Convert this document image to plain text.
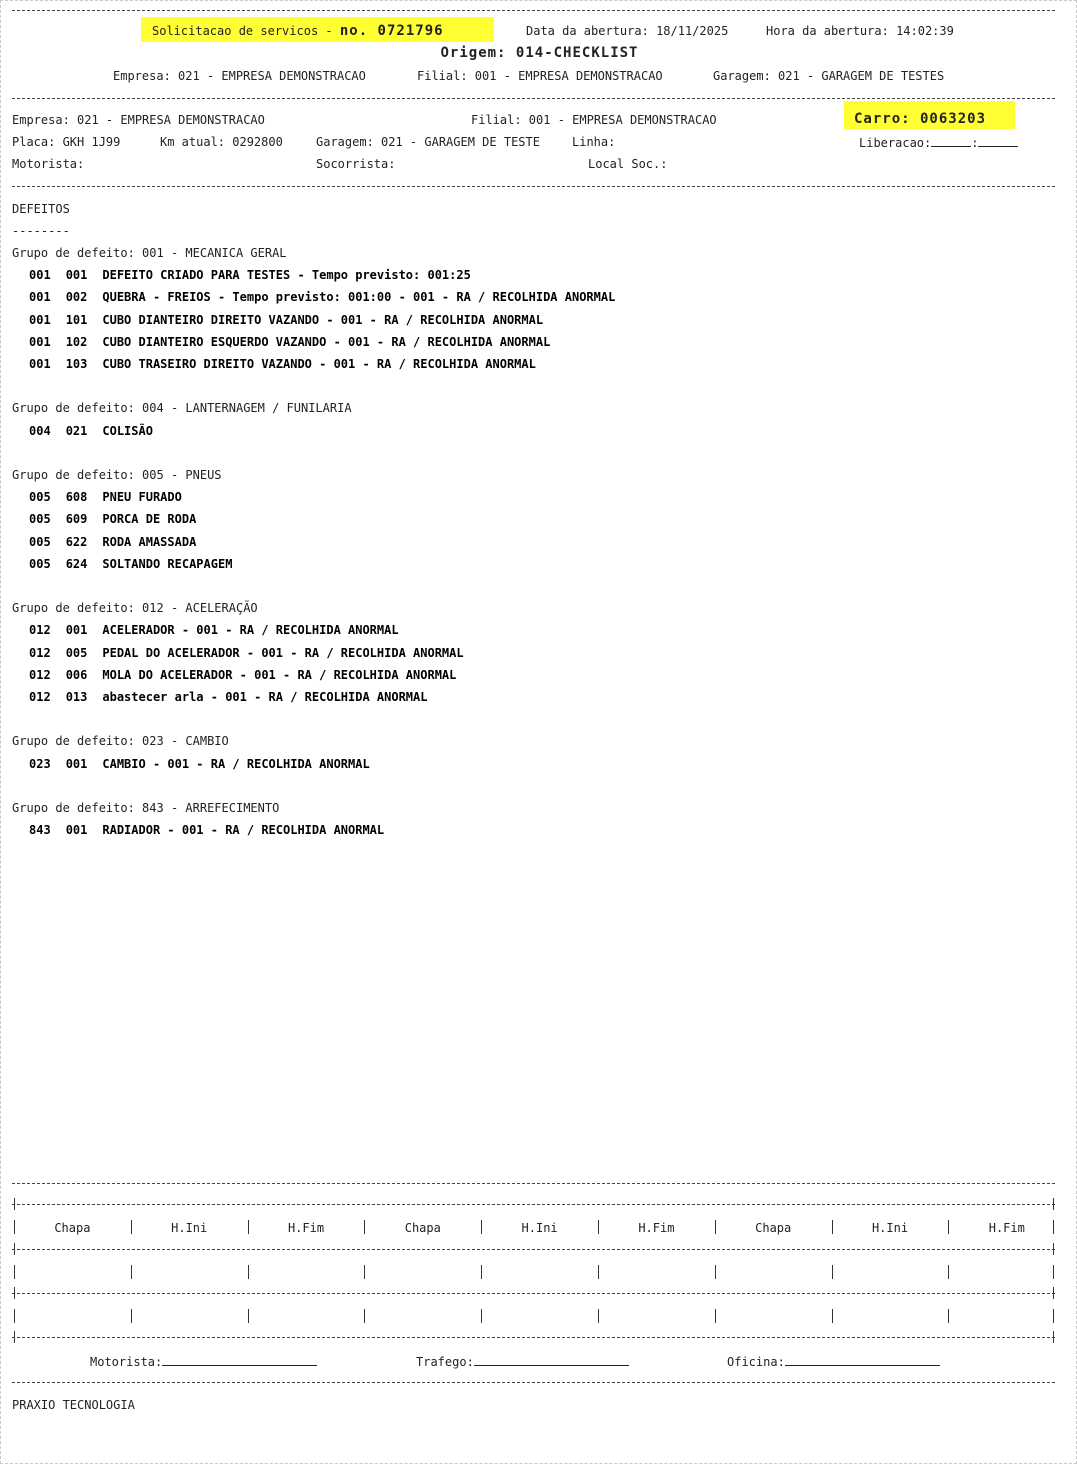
Solicitacao de servicos - no. 0721796	Data da abertura: 18/11/2025	Hora da abertura: 14:02:39
Origem: 014-CHECKLIST
Empresa: 021 - EMPRESA DEMONSTRACAO	Filial: 001 - EMPRESA DEMONSTRACAO	Garagem: 021 - GARAGEM DE TESTES
Empresa: 021 - EMPRESA DEMONSTRACAO	Filial: 001 - EMPRESA DEMONSTRACAO	Carro: 0063203
Placa: GKH 1J99	Km atual: 0292800	Garagem: 021 - GARAGEM DE TESTE	Linha:	Liberacao:	:
Motorista:	Socorrista:	Local Soc.:
DEFEITOS
--------
Grupo de defeito: 001 - MECANICA GERAL
001 001 DEFEITO CRIADO PARA TESTES - Tempo previsto: 001:25
001 002 QUEBRA - FREIOS - Tempo previsto: 001:00 - 001 - RA / RECOLHIDA ANORMAL
001 101 CUBO DIANTEIRO DIREITO VAZANDO - 001 - RA / RECOLHIDA ANORMAL
001 102 CUBO DIANTEIRO ESQUERDO VAZANDO - 001 - RA / RECOLHIDA ANORMAL
001 103 CUBO TRASEIRO DIREITO VAZANDO - 001 - RA / RECOLHIDA ANORMAL
Grupo de defeito: 004 - LANTERNAGEM / FUNILARIA
004 021 COLISÃO
Grupo de defeito: 005 - PNEUS
005 608 PNEU FURADO
005 609 PORCA DE RODA
005 622 RODA AMASSADA
005 624 SOLTANDO RECAPAGEM
Grupo de defeito: 012 - ACELERAÇÃO
012 001 ACELERADOR - 001 - RA / RECOLHIDA ANORMAL
012 005 PEDAL DO ACELERADOR - 001 - RA / RECOLHIDA ANORMAL
012 006 MOLA DO ACELERADOR - 001 - RA / RECOLHIDA ANORMAL
012 013 abastecer arla - 001 - RA / RECOLHIDA ANORMAL
Grupo de defeito: 023 - CAMBIO
023 001 CAMBIO - 001 - RA / RECOLHIDA ANORMAL
Grupo de defeito: 843 - ARREFECIMENTO
843 001 RADIADOR - 001 - RA / RECOLHIDA ANORMAL
Chapa	H.Ini	H.Fim	Chapa	H.Ini	H.Fim	Chapa	H.Ini	H.Fim
Motorista:	Trafego:	Oficina:
PRAXIO TECNOLOGIA
